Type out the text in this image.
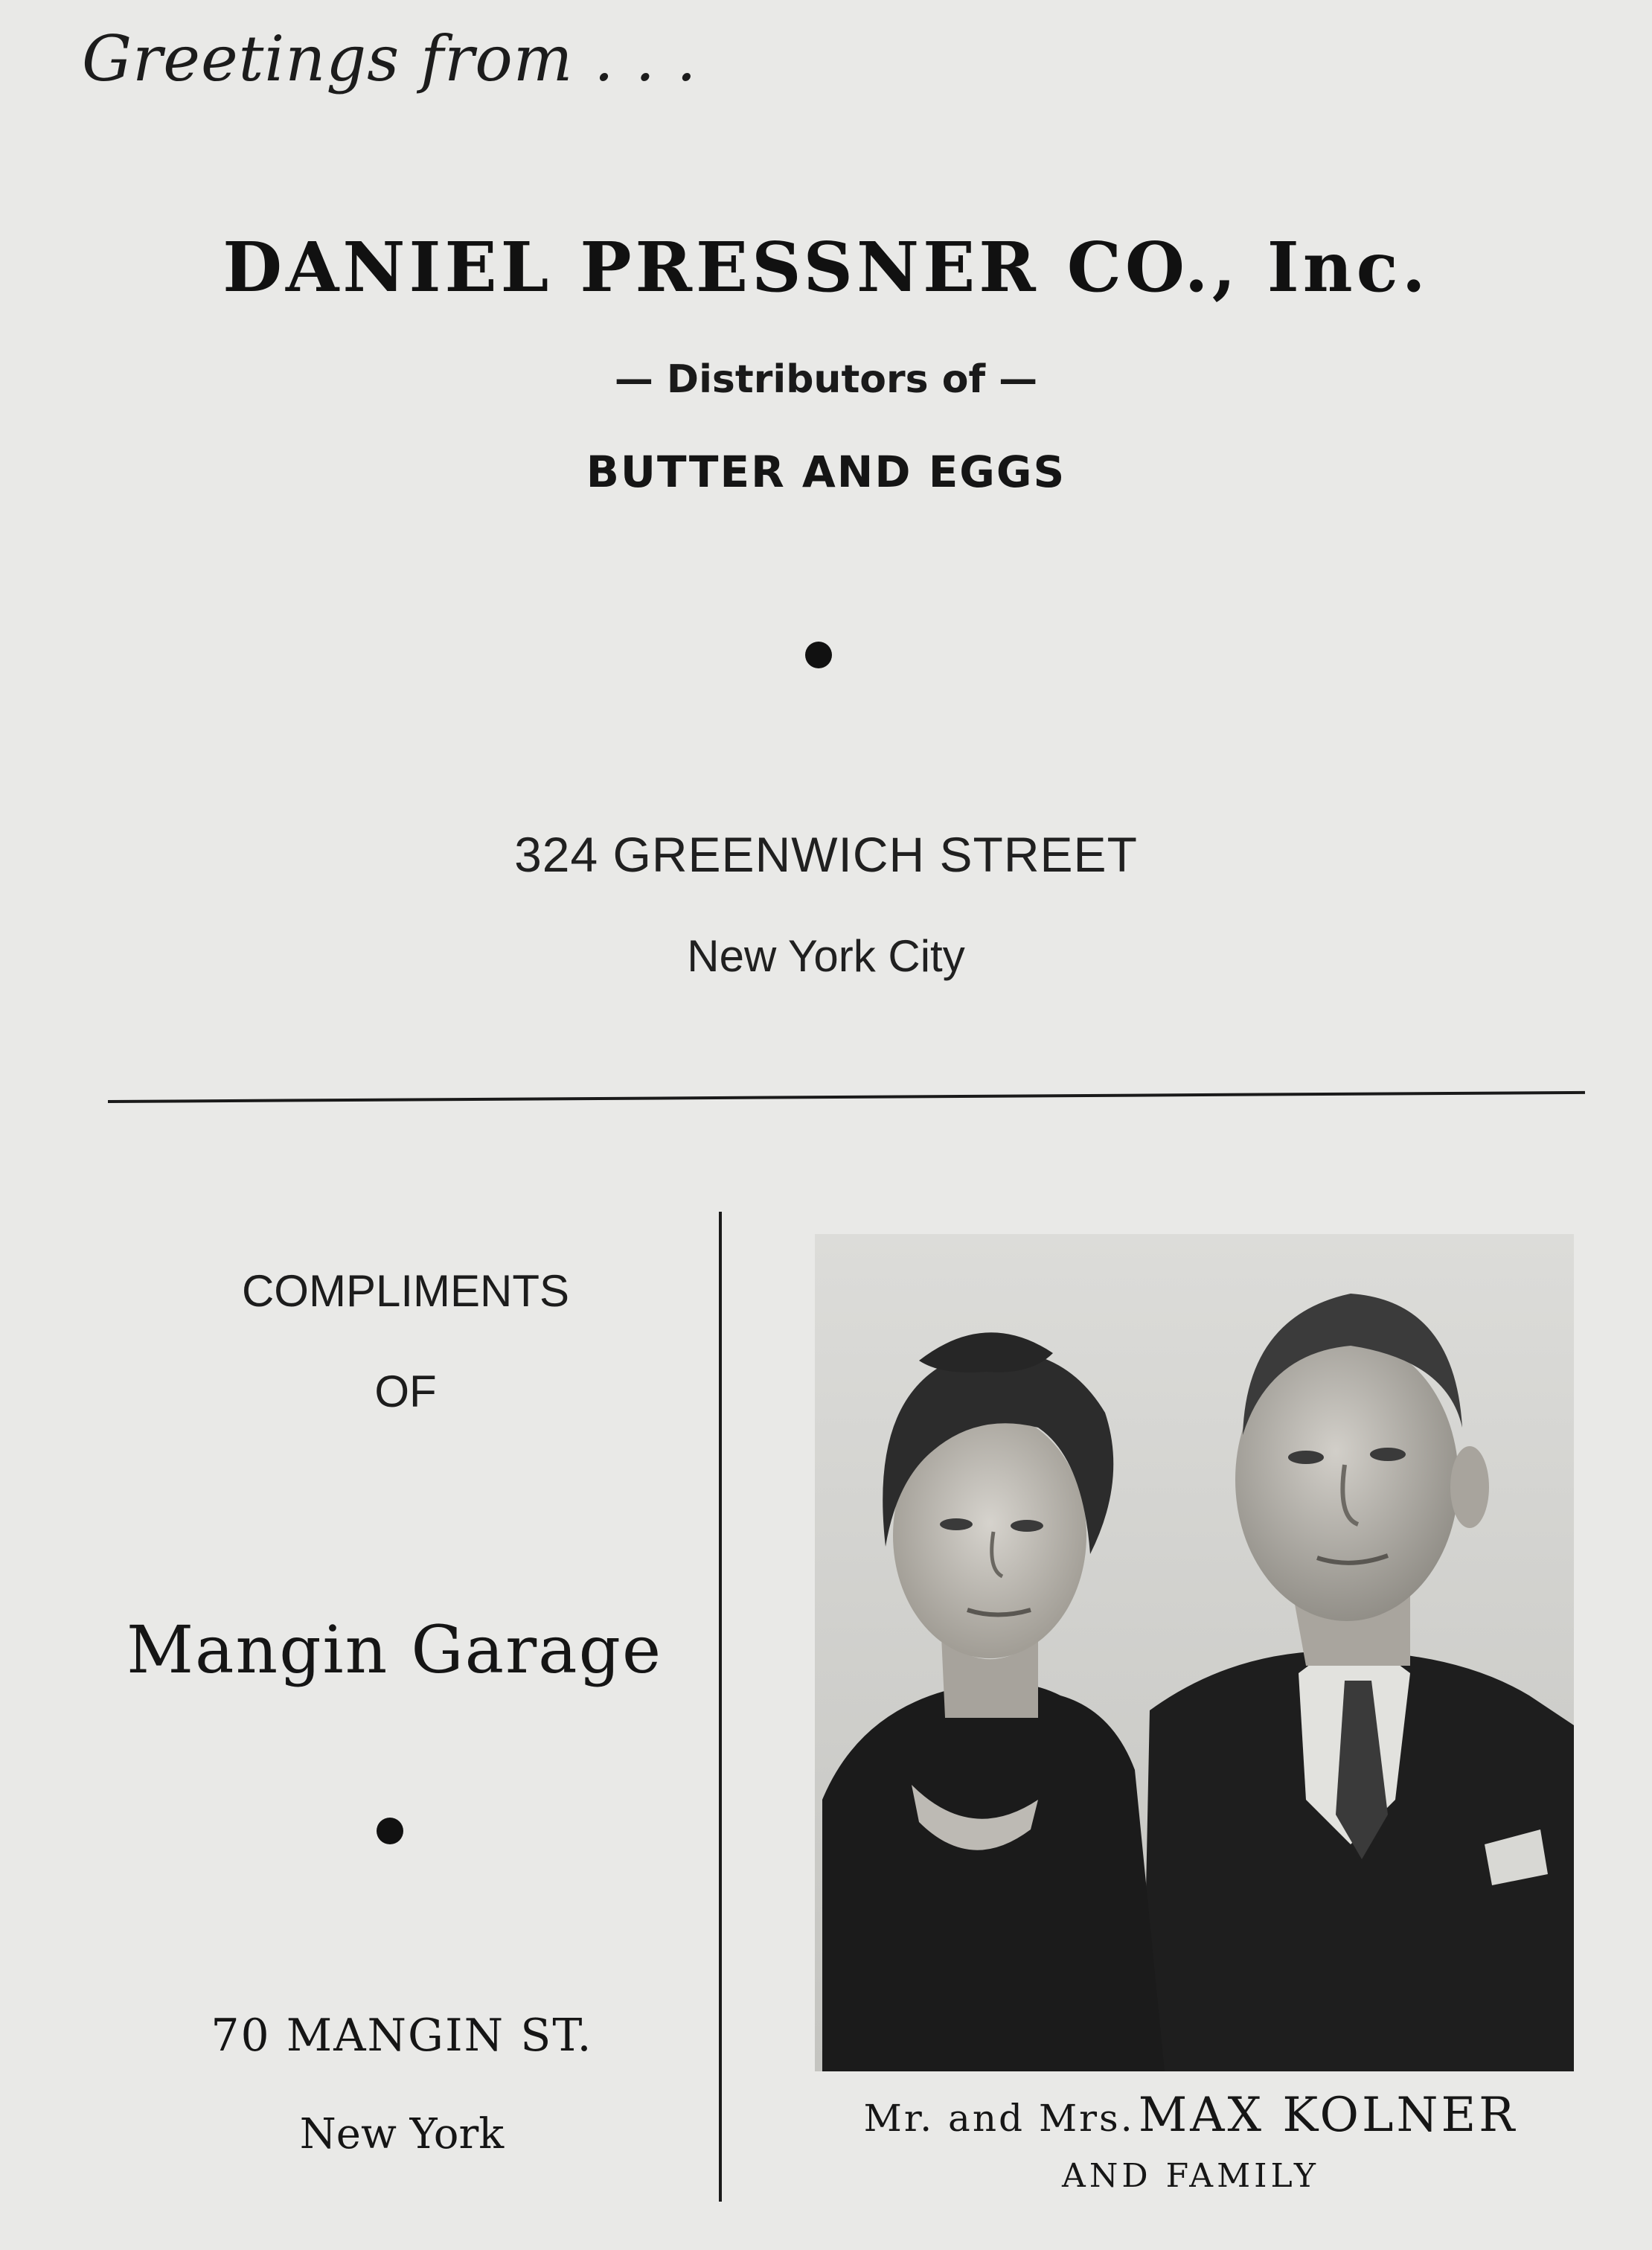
Greetings from . . .
DANIEL PRESSNER CO., Inc.
— Distributors of —
BUTTER AND EGGS
324 GREENWICH STREET
New York City
COMPLIMENTS
OF
Mangin Garage
70 MANGIN ST.
New York	Mr. and Mrs. MAX KOLNER
AND FAMILY
